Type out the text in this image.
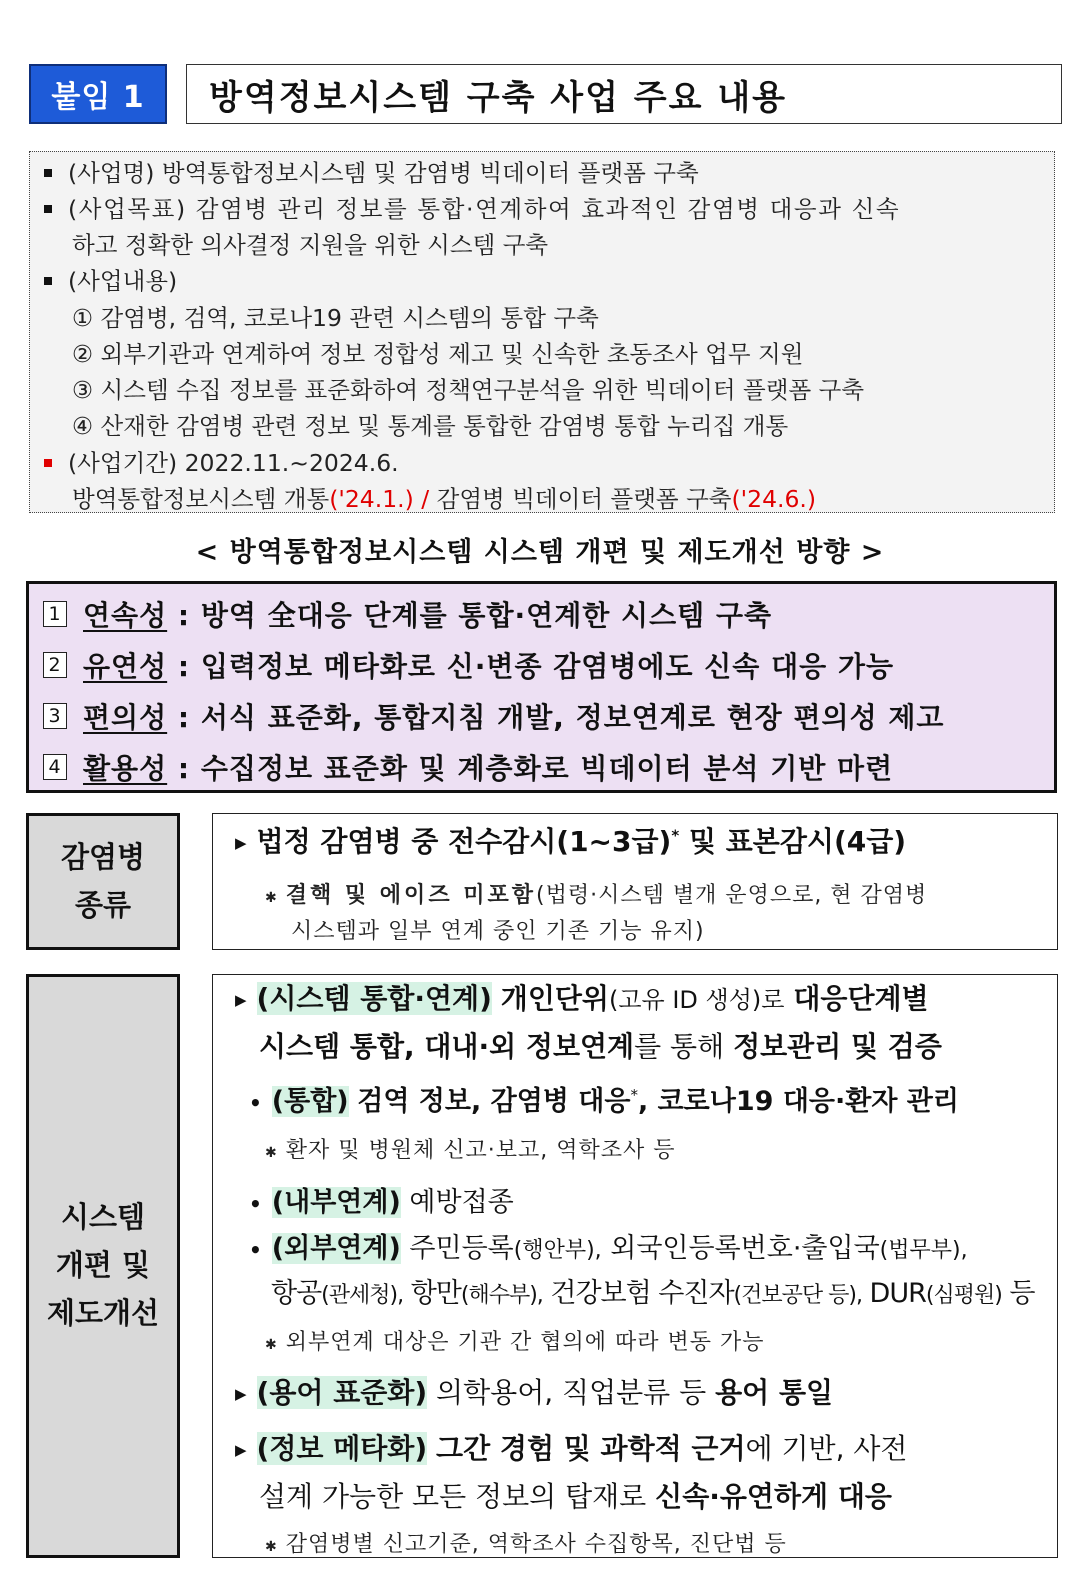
붙임 1	방역정보시스템 구축 사업 주요 내용
(사업명) 방역통합정보시스템 및 감염병 빅데이터 플랫폼 구축
(사업목표) 감염병 관리 정보를 통합·연계하여 효과적인 감염병 대응과 신속
하고 정확한 의사결정 지원을 위한 시스템 구축
(사업내용)
① 감염병, 검역, 코로나19 관련 시스템의 통합 구축
② 외부기관과 연계하여 정보 정합성 제고 및 신속한 초동조사 업무 지원
③ 시스템 수집 정보를 표준화하여 정책연구분석을 위한 빅데이터 플랫폼 구축
④ 산재한 감염병 관련 정보 및 통계를 통합한 감염병 통합 누리집 개통
(사업기간) 2022.11.~2024.6.
방역통합정보시스템 개통('24.1.) / 감염병 빅데이터 플랫폼 구축('24.6.)
< 방역통합정보시스템 시스템 개편 및 제도개선 방향 >
1 연속성
: 방역 全대응 단계를 통합·연계한 시스템 구축
2 유연성
: 입력정보 메타화로 신·변종 감염병에도 신속 대응 가능
3 편의성
: 서식 표준화, 통합지침 개발, 정보연계로 현장 편의성 제고
4 활용성
: 수집정보 표준화 및 계층화로 빅데이터 분석 기반 마련
감염병
종류
▶ 법정 감염병 중 전수감시(1~3급)* 및 표본감시(4급)
✱ 결핵 및 에이즈 미포함(법령·시스템 별개 운영으로, 현 감염병
시스템과 일부 연계 중인 기존 기능 유지)
시스템
개편 및
제도개선
▶ (시스템 통합·연계) 개인단위(고유 ID 생성)로 대응단계별
시스템 통합, 대내·외 정보연계를 통해 정보관리 및 검증
• (통합) 검역 정보, 감염병 대응*, 코로나19 대응·환자 관리
✱ 환자 및 병원체 신고·보고, 역학조사 등
• (내부연계) 예방접종
• (외부연계) 주민등록(행안부), 외국인등록번호·출입국(법무부),
항공(관세청), 항만(해수부), 건강보험 수진자(건보공단 등), DUR(심평원) 등
✱ 외부연계 대상은 기관 간 협의에 따라 변동 가능
▶ (용어 표준화) 의학용어, 직업분류 등 용어 통일
▶ (정보 메타화) 그간 경험 및 과학적 근거에 기반, 사전
설계 가능한 모든 정보의 탑재로 신속·유연하게 대응
✱ 감염병별 신고기준, 역학조사 수집항목, 진단법 등
